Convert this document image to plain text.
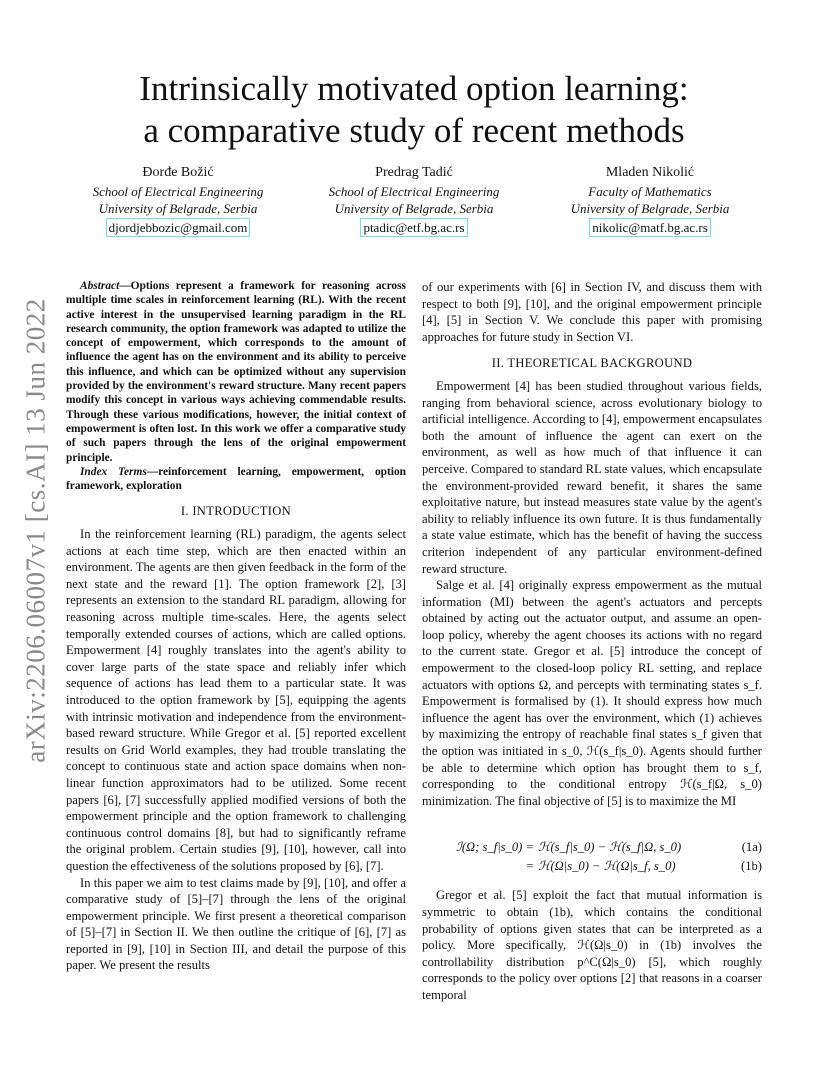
arXiv:2206.06007v1 [cs.AI] 13 Jun 2022
Intrinsically motivated option learning:
a comparative study of recent methods
Đorđe Božić
School of Electrical Engineering
University of Belgrade, Serbia
djordjebbozic@gmail.com
Predrag Tadić
School of Electrical Engineering
University of Belgrade, Serbia
ptadic@etf.bg.ac.rs
Mladen Nikolić
Faculty of Mathematics
University of Belgrade, Serbia
nikolic@matf.bg.ac.rs

Abstract—Options represent a framework for reasoning across multiple time scales in reinforcement learning (RL). With the recent active interest in the unsupervised learning paradigm in the RL research community, the option framework was adapted to utilize the concept of empowerment, which corresponds to the amount of influence the agent has on the environment and its ability to perceive this influence, and which can be optimized without any supervision provided by the environment's reward structure. Many recent papers modify this concept in various ways achieving commendable results. Through these various modifications, however, the initial context of empowerment is often lost. In this work we offer a comparative study of such papers through the lens of the original empowerment principle.

Index Terms—reinforcement learning, empowerment, option framework, exploration

I. INTRODUCTION

In the reinforcement learning (RL) paradigm, the agents select actions at each time step, which are then enacted within an environment. The agents are then given feedback in the form of the next state and the reward [1]. The option framework [2], [3] represents an extension to the standard RL paradigm, allowing for reasoning across multiple time-scales. Here, the agents select temporally extended courses of actions, which are called options. Empowerment [4] roughly translates into the agent's ability to cover large parts of the state space and reliably infer which sequence of actions has lead them to a particular state. It was introduced to the option framework by [5], equipping the agents with intrinsic motivation and independence from the environment-based reward structure. While Gregor et al. [5] reported excellent results on Grid World examples, they had trouble translating the concept to continuous state and action space domains when non-linear function approximators had to be utilized. Some recent papers [6], [7] successfully applied modified versions of both the empowerment principle and the option framework to challenging continuous control domains [8], but had to significantly reframe the original problem. Certain studies [9], [10], however, call into question the effectiveness of the solutions proposed by [6], [7].

In this paper we aim to test claims made by [9], [10], and offer a comparative study of [5]–[7] through the lens of the original empowerment principle. We first present a theoretical comparison of [5]–[7] in Section II. We then outline the critique of [6], [7] as reported in [9], [10] in Section III, and detail the purpose of this paper. We present the results

of our experiments with [6] in Section IV, and discuss them with respect to both [9], [10], and the original empowerment principle [4], [5] in Section V. We conclude this paper with promising approaches for future study in Section VI.

II. THEORETICAL BACKGROUND

Empowerment [4] has been studied throughout various fields, ranging from behavioral science, across evolutionary biology to artificial intelligence. According to [4], empowerment encapsulates both the amount of influence the agent can exert on the environment, as well as how much of that influence it can perceive. Compared to standard RL state values, which encapsulate the environment-provided reward benefit, it shares the same exploitative nature, but instead measures state value by the agent's ability to reliably influence its own future. It is thus fundamentally a state value estimate, which has the benefit of having the success criterion independent of any particular environment-defined reward structure.

Salge et al. [4] originally express empowerment as the mutual information (MI) between the agent's actuators and percepts obtained by acting out the actuator output, and assume an open-loop policy, whereby the agent chooses its actions with no regard to the current state. Gregor et al. [5] introduce the concept of empowerment to the closed-loop policy RL setting, and replace actuators with options Ω, and percepts with terminating states s_f. Empowerment is formalised by (1). It should express how much influence the agent has over the environment, which (1) achieves by maximizing the entropy of reachable final states s_f given that the option was initiated in s_0, ℋ(s_f|s_0). Agents should further be able to determine which option has brought them to s_f, corresponding to the conditional entropy ℋ(s_f|Ω, s_0) minimization. The final objective of [5] is to maximize the MI

ℐ(Ω; s_f|s_0) = ℋ(s_f|s_0) − ℋ(s_f|Ω, s_0)	(1a)
= ℋ(Ω|s_0) − ℋ(Ω|s_f, s_0)	(1b)

Gregor et al. [5] exploit the fact that mutual information is symmetric to obtain (1b), which contains the conditional probability of options given states that can be interpreted as a policy. More specifically, ℋ(Ω|s_0) in (1b) involves the controllability distribution p^C(Ω|s_0) [5], which roughly corresponds to the policy over options [2] that reasons in a coarser temporal
